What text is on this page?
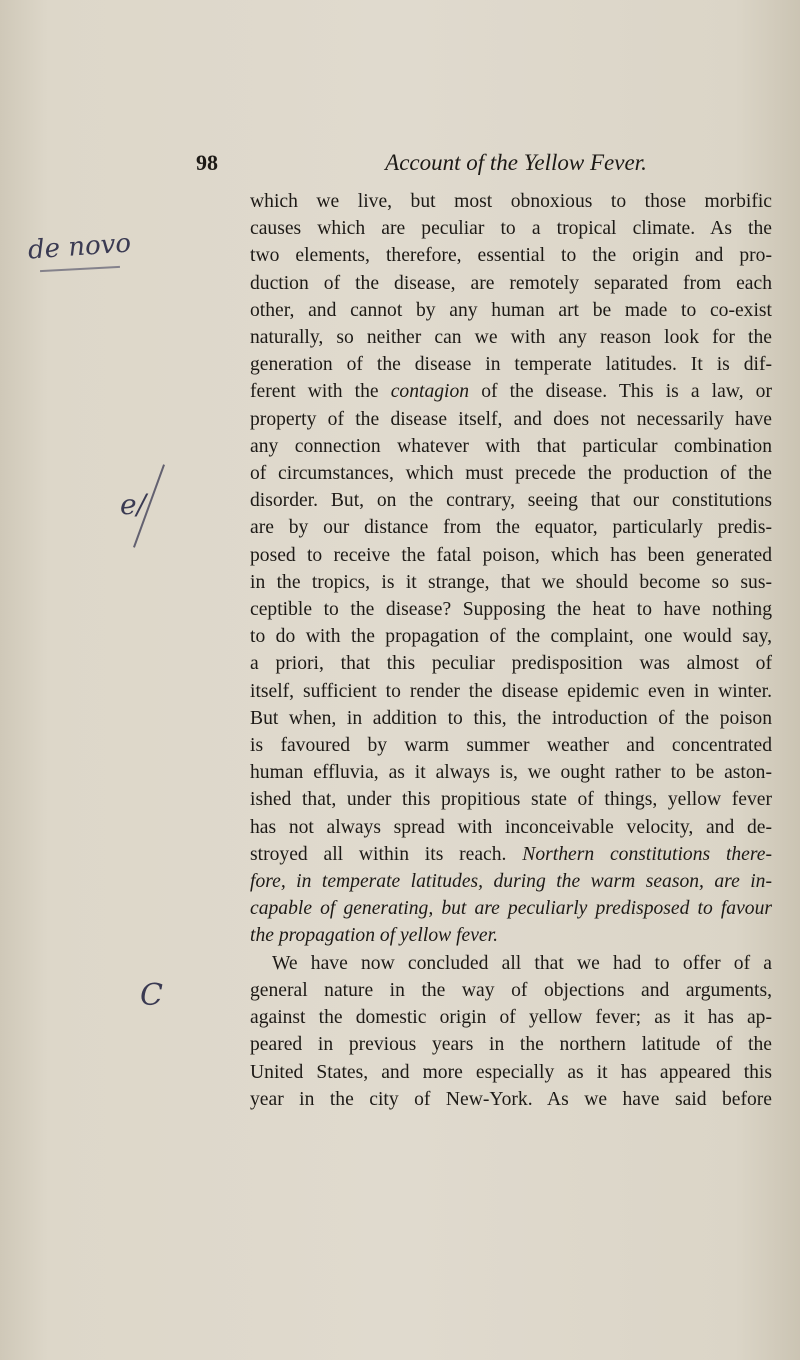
98	Account of the Yellow Fever.
de novo
e/
C

which we live, but most obnoxious to those morbific
causes which are peculiar to a tropical climate. As the
two elements, therefore, essential to the origin and pro-
duction of the disease, are remotely separated from each
other, and cannot by any human art be made to co-exist
naturally, so neither can we with any reason look for the
generation of the disease in temperate latitudes. It is dif-
ferent with the contagion of the disease. This is a law, or
property of the disease itself, and does not necessarily have
any connection whatever with that particular combination
of circumstances, which must precede the production of the
disorder. But, on the contrary, seeing that our constitutions
are by our distance from the equator, particularly predis-
posed to receive the fatal poison, which has been generated
in the tropics, is it strange, that we should become so sus-
ceptible to the disease? Supposing the heat to have nothing
to do with the propagation of the complaint, one would say,
a priori, that this peculiar predisposition was almost of
itself, sufficient to render the disease epidemic even in winter.
But when, in addition to this, the introduction of the poison
is favoured by warm summer weather and concentrated
human effluvia, as it always is, we ought rather to be aston-
ished that, under this propitious state of things, yellow fever
has not always spread with inconceivable velocity, and de-
stroyed all within its reach. Northern constitutions there-
fore, in temperate latitudes, during the warm season, are in-
capable of generating, but are peculiarly predisposed to favour
the propagation of yellow fever.

We have now concluded all that we had to offer of a
general nature in the way of objections and arguments,
against the domestic origin of yellow fever; as it has ap-
peared in previous years in the northern latitude of the
United States, and more especially as it has appeared this
year in the city of New-York. As we have said before
